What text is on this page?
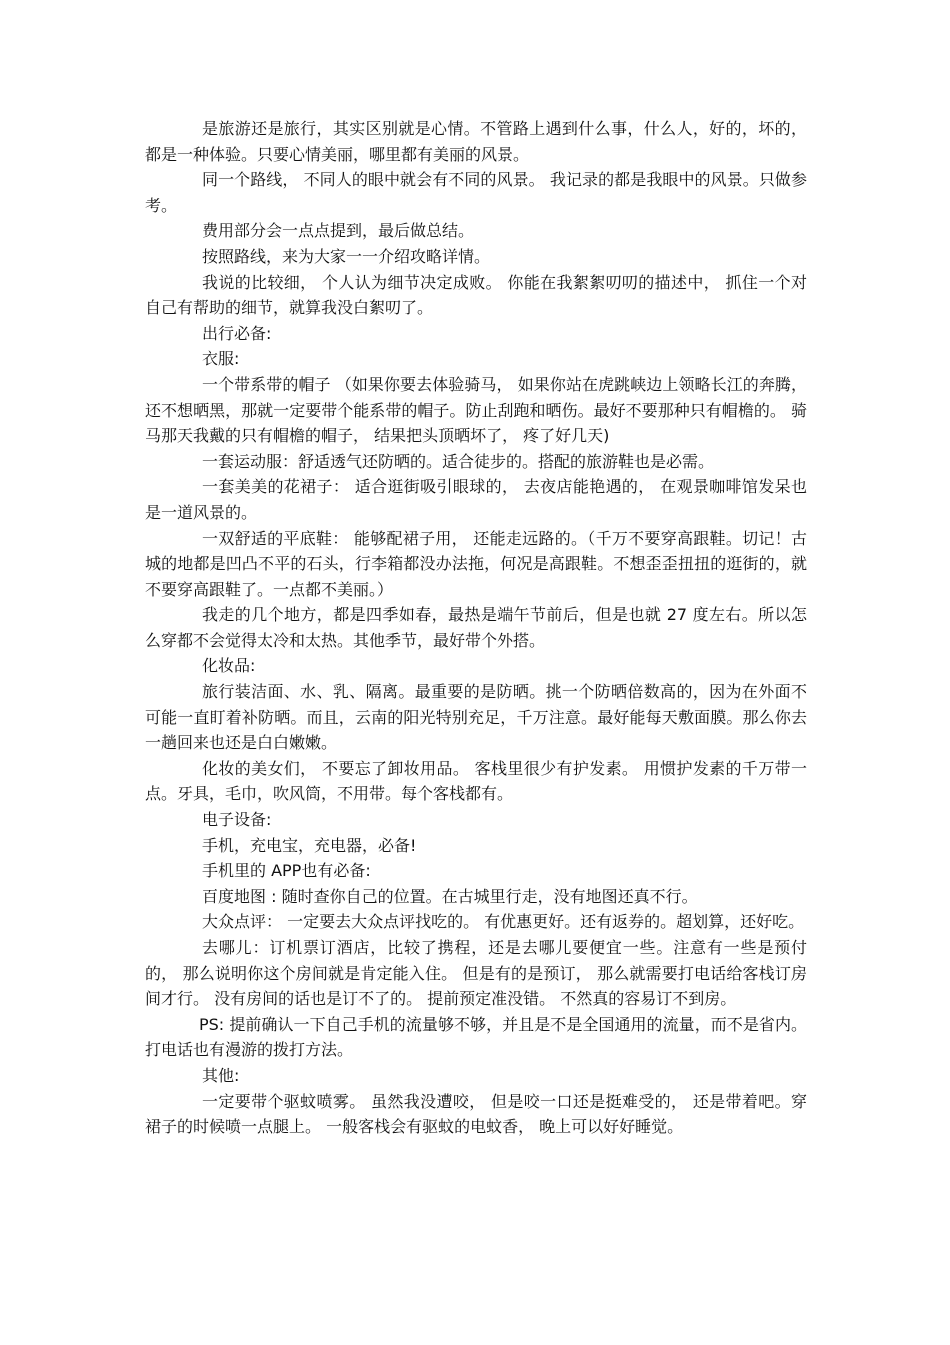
是旅游还是旅行，其实区别就是心情。不管路上遇到什么事，什么人，好的，坏的，都是一种体验。只要心情美丽，哪里都有美丽的风景。

同一个路线， 不同人的眼中就会有不同的风景。 我记录的都是我眼中的风景。只做参考。

费用部分会一点点提到，最后做总结。

按照路线，来为大家一一介绍攻略详情。

我说的比较细， 个人认为细节决定成败。 你能在我絮絮叨叨的描述中， 抓住一个对自己有帮助的细节，就算我没白絮叨了。

出行必备:

衣服:

一个带系带的帽子 （如果你要去体验骑马， 如果你站在虎跳峡边上领略长江的奔腾，还不想晒黑，那就一定要带个能系带的帽子。防止刮跑和晒伤。最好不要那种只有帽檐的。 骑马那天我戴的只有帽檐的帽子， 结果把头顶晒坏了， 疼了好几天)

一套运动服：舒适透气还防晒的。适合徒步的。搭配的旅游鞋也是必需。

一套美美的花裙子： 适合逛街吸引眼球的， 去夜店能艳遇的， 在观景咖啡馆发呆也是一道风景的。

一双舒适的平底鞋： 能够配裙子用， 还能走远路的。（千万不要穿高跟鞋。切记！古城的地都是凹凸不平的石头，行李箱都没办法拖，何况是高跟鞋。不想歪歪扭扭的逛街的，就不要穿高跟鞋了。一点都不美丽。）

我走的几个地方，都是四季如春，最热是端午节前后，但是也就 27 度左右。所以怎么穿都不会觉得太冷和太热。其他季节，最好带个外搭。

化妆品:

旅行装洁面、水、乳、隔离。最重要的是防晒。挑一个防晒倍数高的，因为在外面不可能一直盯着补防晒。而且，云南的阳光特别充足，千万注意。最好能每天敷面膜。那么你去一趟回来也还是白白嫩嫩。

化妆的美女们， 不要忘了卸妆用品。 客栈里很少有护发素。 用惯护发素的千万带一点。牙具，毛巾，吹风筒，不用带。每个客栈都有。

电子设备:

手机，充电宝，充电器，必备!

手机里的 APP也有必备:

百度地图 : 随时查你自己的位置。在古城里行走，没有地图还真不行。

大众点评： 一定要去大众点评找吃的。 有优惠更好。还有返券的。超划算，还好吃。

去哪儿：订机票订酒店，比较了携程，还是去哪儿要便宜一些。注意有一些是预付的， 那么说明你这个房间就是肯定能入住。 但是有的是预订， 那么就需要打电话给客栈订房间才行。 没有房间的话也是订不了的。 提前预定准没错。 不然真的容易订不到房。

PS: 提前确认一下自己手机的流量够不够，并且是不是全国通用的流量，而不是省内。打电话也有漫游的拨打方法。

其他:

一定要带个驱蚊喷雾。 虽然我没遭咬， 但是咬一口还是挺难受的， 还是带着吧。穿裙子的时候喷一点腿上。 一般客栈会有驱蚊的电蚊香， 晚上可以好好睡觉。
